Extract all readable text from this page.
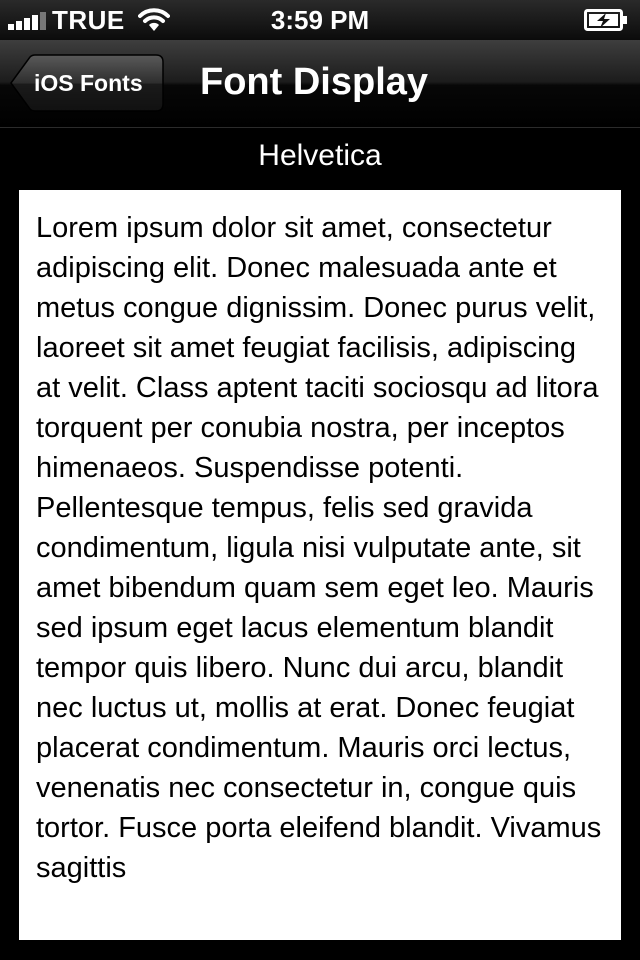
TRUE	3:59 PM
iOS Fonts Font Display
Helvetica

Lorem ipsum dolor sit amet, consectetur adipiscing elit. Donec malesuada ante et metus congue dignissim. Donec purus velit, laoreet sit amet feugiat facilisis, adipiscing at velit. Class aptent taciti sociosqu ad litora torquent per conubia nostra, per inceptos himenaeos. Suspendisse potenti. Pellentesque tempus, felis sed gravida condimentum, ligula nisi vulputate ante, sit amet bibendum quam sem eget leo. Mauris sed ipsum eget lacus elementum blandit tempor quis libero. Nunc dui arcu, blandit nec luctus ut, mollis at erat. Donec feugiat placerat condimentum. Mauris orci lectus, venenatis nec consectetur in, congue quis tortor. Fusce porta eleifend blandit. Vivamus sagittis
